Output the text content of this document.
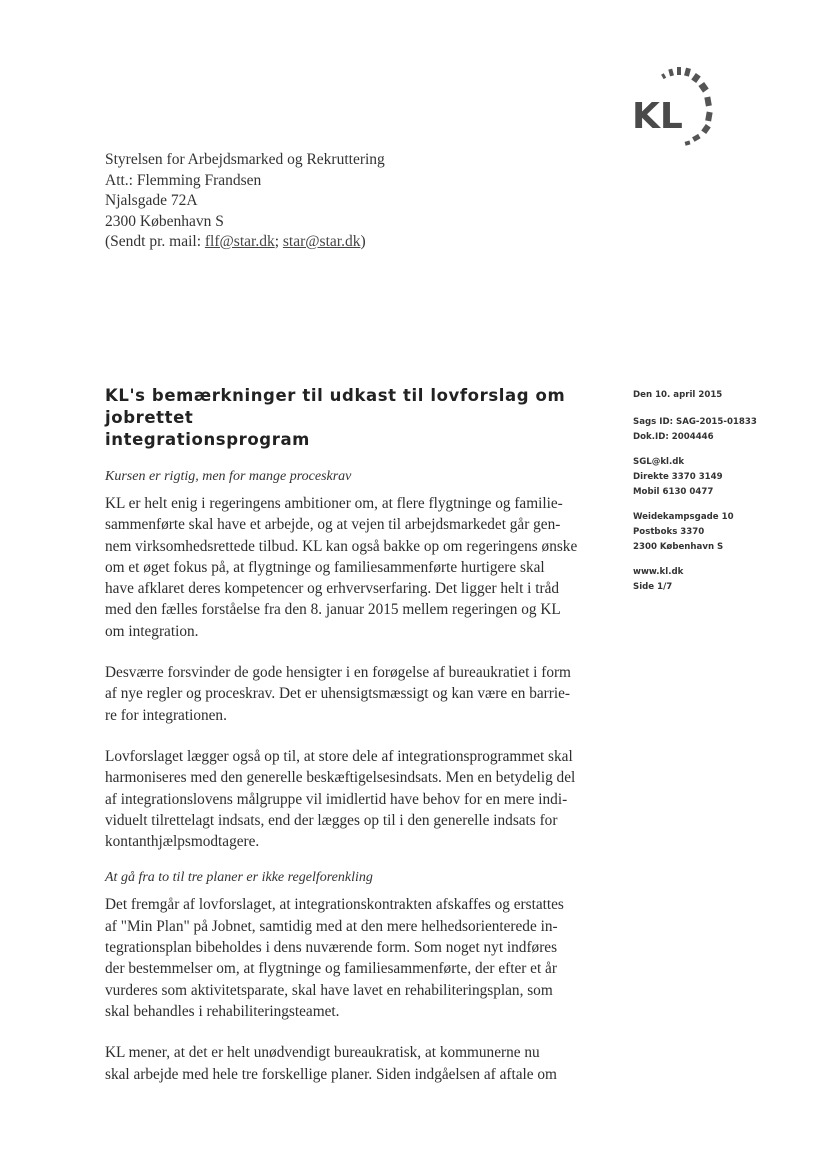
KL
Styrelsen for Arbejdsmarked og Rekruttering
Att.: Flemming Frandsen
Njalsgade 72A
2300 København S
(Sendt pr. mail: flf@star.dk; star@star.dk)
KL's bemærkninger til udkast til lovforslag om jobrettet
integrationsprogram
Kursen er rigtig, men for mange proceskrav
KL er helt enig i regeringens ambitioner om, at flere flygtninge og familie-
sammenførte skal have et arbejde, og at vejen til arbejdsmarkedet går gen-
nem virksomhedsrettede tilbud. KL kan også bakke op om regeringens ønske
om et øget fokus på, at flygtninge og familiesammenførte hurtigere skal
have afklaret deres kompetencer og erhvervserfaring. Det ligger helt i tråd
med den fælles forståelse fra den 8. januar 2015 mellem regeringen og KL
om integration.
Desværre forsvinder de gode hensigter i en forøgelse af bureaukratiet i form
af nye regler og proceskrav. Det er uhensigtsmæssigt og kan være en barrie-
re for integrationen.
Lovforslaget lægger også op til, at store dele af integrationsprogrammet skal
harmoniseres med den generelle beskæftigelsesindsats. Men en betydelig del
af integrationslovens målgruppe vil imidlertid have behov for en mere indi-
viduelt tilrettelagt indsats, end der lægges op til i den generelle indsats for
kontanthjælpsmodtagere.
At gå fra to til tre planer er ikke regelforenkling
Det fremgår af lovforslaget, at integrationskontrakten afskaffes og erstattes
af "Min Plan" på Jobnet, samtidig med at den mere helhedsorienterede in-
tegrationsplan bibeholdes i dens nuværende form. Som noget nyt indføres
der bestemmelser om, at flygtninge og familiesammenførte, der efter et år
vurderes som aktivitetsparate, skal have lavet en rehabiliteringsplan, som
skal behandles i rehabiliteringsteamet.
KL mener, at det er helt unødvendigt bureaukratisk, at kommunerne nu
skal arbejde med hele tre forskellige planer. Siden indgåelsen af aftale om
Den 10. april 2015
Sags ID: SAG-2015-01833
Dok.ID: 2004446
SGL@kl.dk
Direkte 3370 3149
Mobil 6130 0477
Weidekampsgade 10
Postboks 3370
2300 København S
www.kl.dk
Side 1/7
